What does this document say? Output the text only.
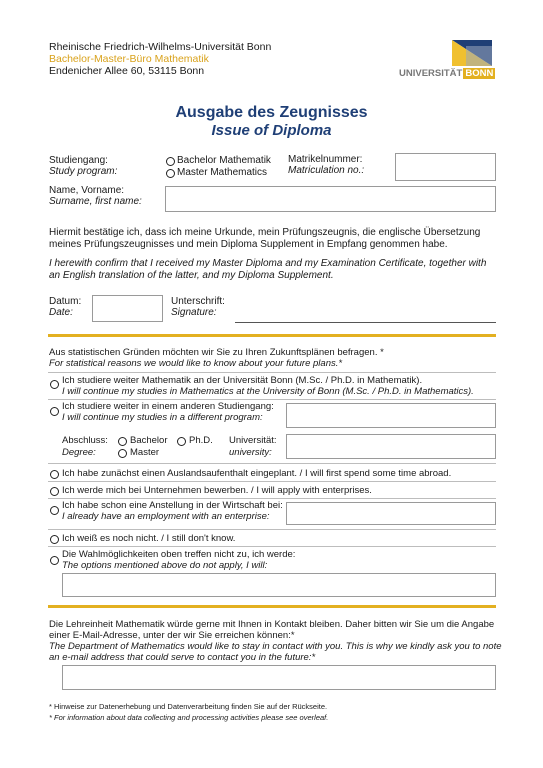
Rheinische Friedrich-Wilhelms-Universität Bonn
Bachelor-Master-Büro Mathematik
Endenicher Allee 60, 53115 Bonn	UNIVERSITÄT BONN
Ausgabe des Zeugnisses
Issue of Diploma
Studiengang:
Study program:
Bachelor Mathematik
Master Mathematics
Matrikelnummer:
Matriculation no.:
Name, Vorname:
Surname, first name:
Hiermit bestätige ich, dass ich meine Urkunde, mein Prüfungszeugnis, die englische Übersetzung
meines Prüfungszeugnisses und mein Diploma Supplement in Empfang genommen habe.
I herewith confirm that I received my Master Diploma and my Examination Certificate, together with
an English translation of the latter, and my Diploma Supplement.
Datum:
Date:
Unterschrift:
Signature:
Aus statistischen Gründen möchten wir Sie zu Ihren Zukunftsplänen befragen. *
For statistical reasons we would like to know about your future plans.*
Ich studiere weiter Mathematik an der Universität Bonn (M.Sc. / Ph.D. in Mathematik).
I will continue my studies in Mathematics at the University of Bonn (M.Sc. / Ph.D. in Mathematics).
Ich studiere weiter in einem anderen Studiengang:
I will continue my studies in a different program:
Abschluss:
Degree:
Bachelor
Master
Ph.D. Universität:
university:
Ich habe zunächst einen Auslandsaufenthalt eingeplant. / I will first spend some time abroad.
Ich werde mich bei Unternehmen bewerben. / I will apply with enterprises.
Ich habe schon eine Anstellung in der Wirtschaft bei:
I already have an employment with an enterprise:
Ich weiß es noch nicht. / I still don't know.
Die Wahlmöglichkeiten oben treffen nicht zu, ich werde:
The options mentioned above do not apply, I will:
Die Lehreinheit Mathematik würde gerne mit Ihnen in Kontakt bleiben. Daher bitten wir Sie um die Angabe
einer E-Mail-Adresse, unter der wir Sie erreichen können:*
The Department of Mathematics would like to stay in contact with you. This is why we kindly ask you to note
an e-mail address that could serve to contact you in the future:*
* Hinweise zur Datenerhebung und Datenverarbeitung finden Sie auf der Rückseite.
* For information about data collecting and processing activities please see overleaf.
